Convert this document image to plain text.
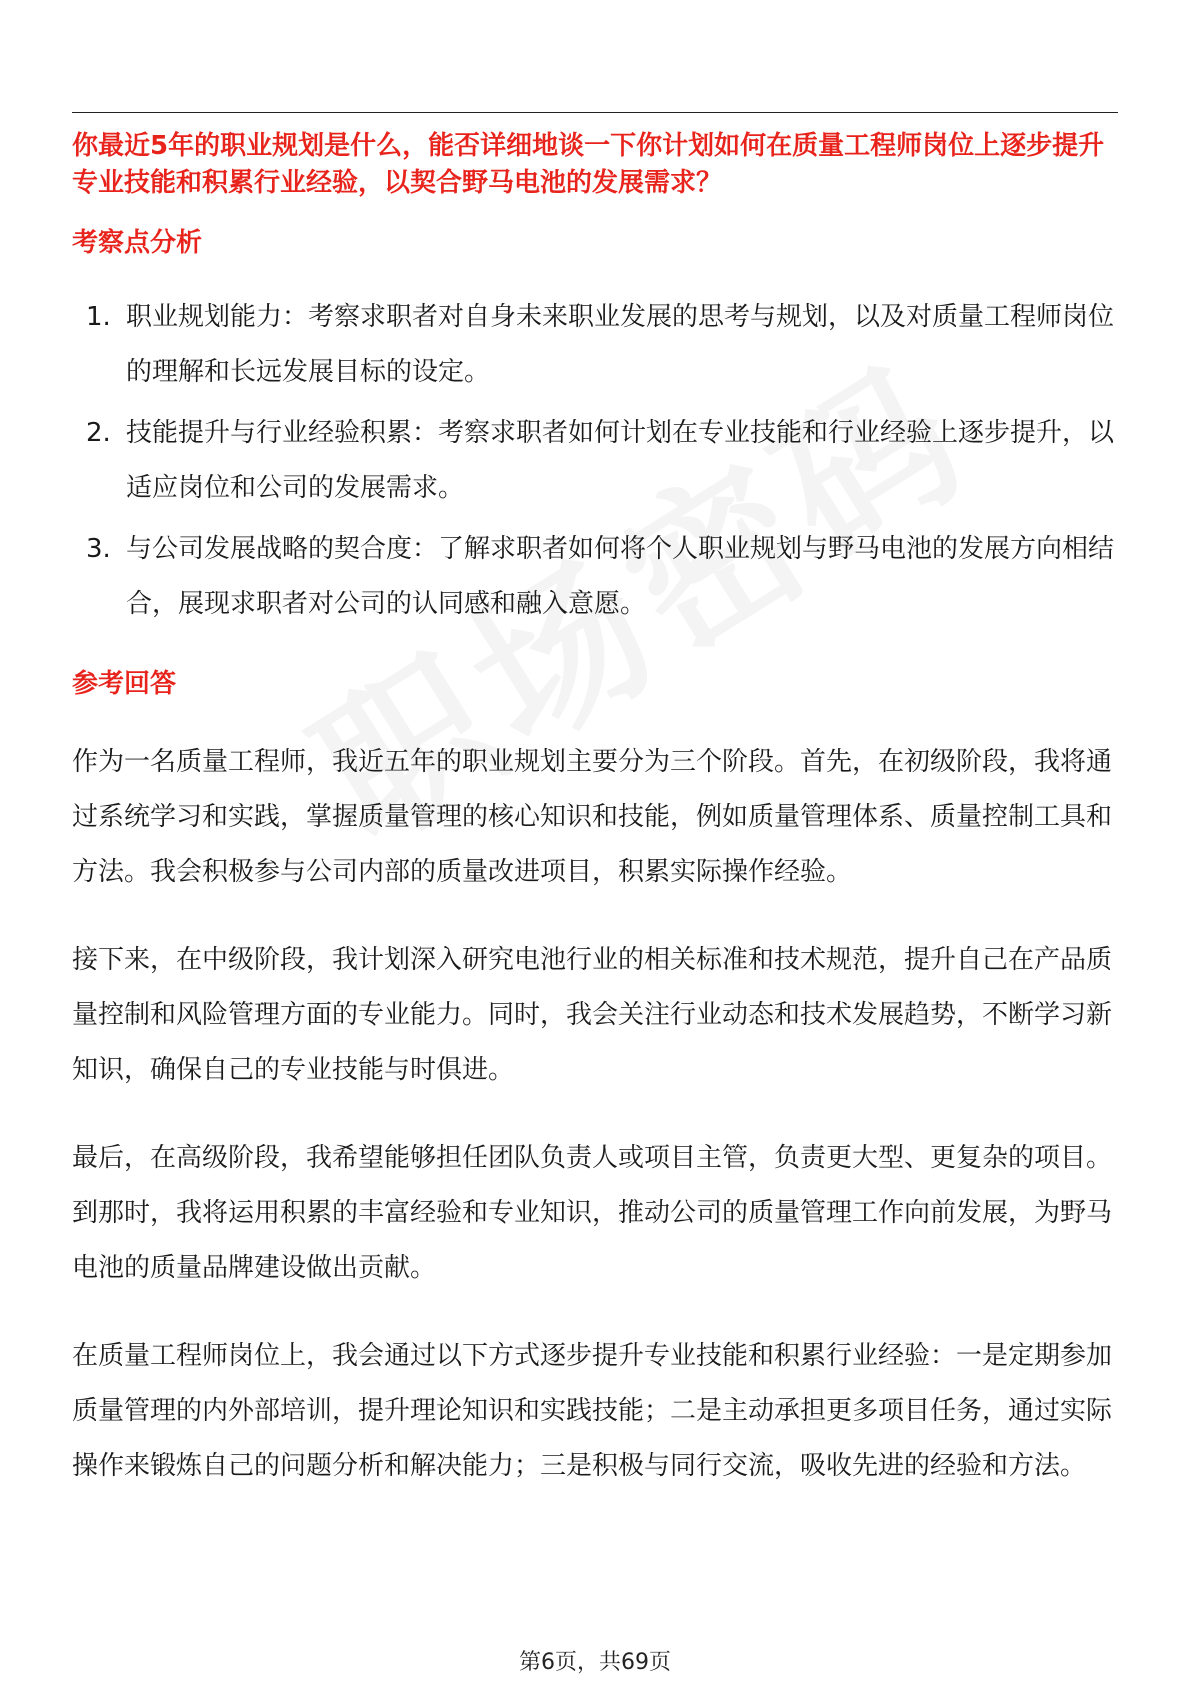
你最近5年的职业规划是什么，能否详细地谈一下你计划如何在质量工程师岗位上逐步提升专业技能和积累行业经验，以契合野马电池的发展需求？

考察点分析
1. 职业规划能力：考察求职者对自身未来职业发展的思考与规划，以及对质量工程师岗位的理解和长远发展目标的设定。
2. 技能提升与行业经验积累：考察求职者如何计划在专业技能和行业经验上逐步提升，以适应岗位和公司的发展需求。
3. 与公司发展战略的契合度：了解求职者如何将个人职业规划与野马电池的发展方向相结合，展现求职者对公司的认同感和融入意愿。
参考回答

作为一名质量工程师，我近五年的职业规划主要分为三个阶段。首先，在初级阶段，我将通过系统学习和实践，掌握质量管理的核心知识和技能，例如质量管理体系、质量控制工具和方法。我会积极参与公司内部的质量改进项目，积累实际操作经验。

接下来，在中级阶段，我计划深入研究电池行业的相关标准和技术规范，提升自己在产品质量控制和风险管理方面的专业能力。同时，我会关注行业动态和技术发展趋势，不断学习新知识，确保自己的专业技能与时俱进。

最后，在高级阶段，我希望能够担任团队负责人或项目主管，负责更大型、更复杂的项目。到那时，我将运用积累的丰富经验和专业知识，推动公司的质量管理工作向前发展，为野马电池的质量品牌建设做出贡献。

在质量工程师岗位上，我会通过以下方式逐步提升专业技能和积累行业经验：一是定期参加质量管理的内外部培训，提升理论知识和实践技能；二是主动承担更多项目任务，通过实际操作来锻炼自己的问题分析和解决能力；三是积极与同行交流，吸收先进的经验和方法。

第6页，共69页
